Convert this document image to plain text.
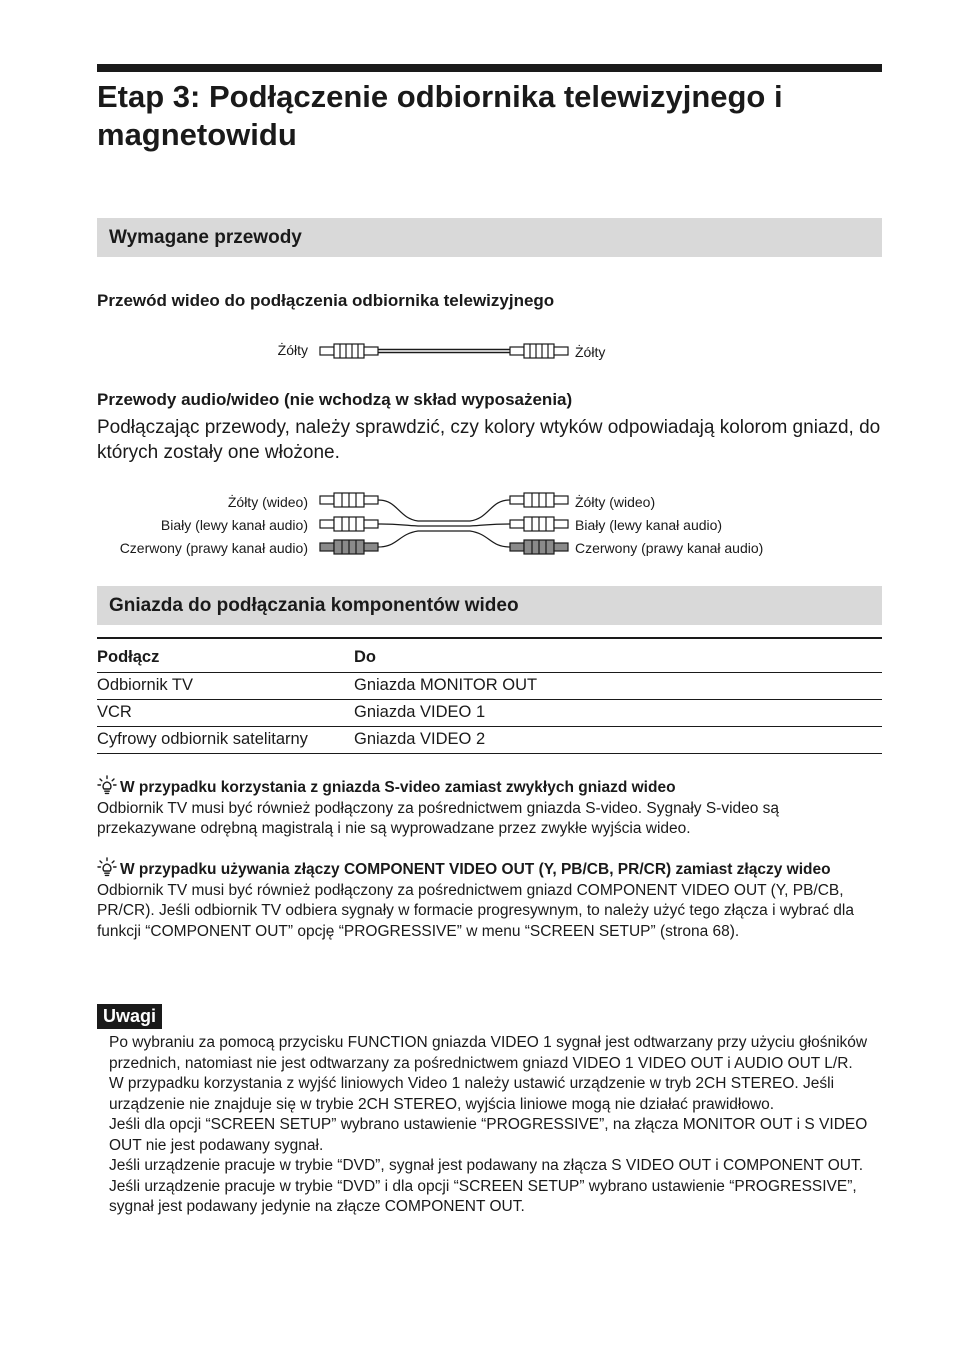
Etap 3: Podłączenie odbiornika telewizyjnego i magnetowidu
Wymagane przewody
Przewód wideo do podłączenia odbiornika telewizyjnego
Żółty	Żółty
Przewody audio/wideo (nie wchodzą w skład wyposażenia)
Podłączając przewody, należy sprawdzić, czy kolory wtyków odpowiadają kolorom gniazd, do których zostały one włożone.
Żółty (wideo)
Biały (lewy kanał audio)
Czerwony (prawy kanał audio)
Żółty (wideo)
Biały (lewy kanał audio)
Czerwony (prawy kanał audio)
Gniazda do podłączania komponentów wideo
Podłącz	Do
Odbiornik TV	Gniazda MONITOR OUT
VCR	Gniazda VIDEO 1
Cyfrowy odbiornik satelitarny	Gniazda VIDEO 2
W przypadku korzystania z gniazda S-video zamiast zwykłych gniazd wideo
Odbiornik TV musi być również podłączony za pośrednictwem gniazda S-video. Sygnały S-video są przekazywane odrębną magistralą i nie są wyprowadzane przez zwykłe wyjścia wideo.
W przypadku używania złączy COMPONENT VIDEO OUT (Y, PB/CB, PR/CR) zamiast złączy wideo
Odbiornik TV musi być również podłączony za pośrednictwem gniazd COMPONENT VIDEO OUT (Y, PB/CB, PR/CR). Jeśli odbiornik TV odbiera sygnały w formacie progresywnym, to należy użyć tego złącza i wybrać dla funkcji “COMPONENT OUT” opcję “PROGRESSIVE” w menu “SCREEN SETUP” (strona 68).
Uwagi

Po wybraniu za pomocą przycisku FUNCTION gniazda VIDEO 1 sygnał jest odtwarzany przy użyciu głośników przednich, natomiast nie jest odtwarzany za pośrednictwem gniazd VIDEO 1 VIDEO OUT i AUDIO OUT L/R.

W przypadku korzystania z wyjść liniowych Video 1 należy ustawić urządzenie w tryb 2CH STEREO. Jeśli urządzenie nie znajduje się w trybie 2CH STEREO, wyjścia liniowe mogą nie działać prawidłowo.

Jeśli dla opcji “SCREEN SETUP” wybrano ustawienie “PROGRESSIVE”, na złącza MONITOR OUT i S VIDEO OUT nie jest podawany sygnał.

Jeśli urządzenie pracuje w trybie “DVD”, sygnał jest podawany na złącza S VIDEO OUT i COMPONENT OUT.

Jeśli urządzenie pracuje w trybie “DVD” i dla opcji “SCREEN SETUP” wybrano ustawienie “PROGRESSIVE”, sygnał jest podawany jedynie na złącze COMPONENT OUT.
